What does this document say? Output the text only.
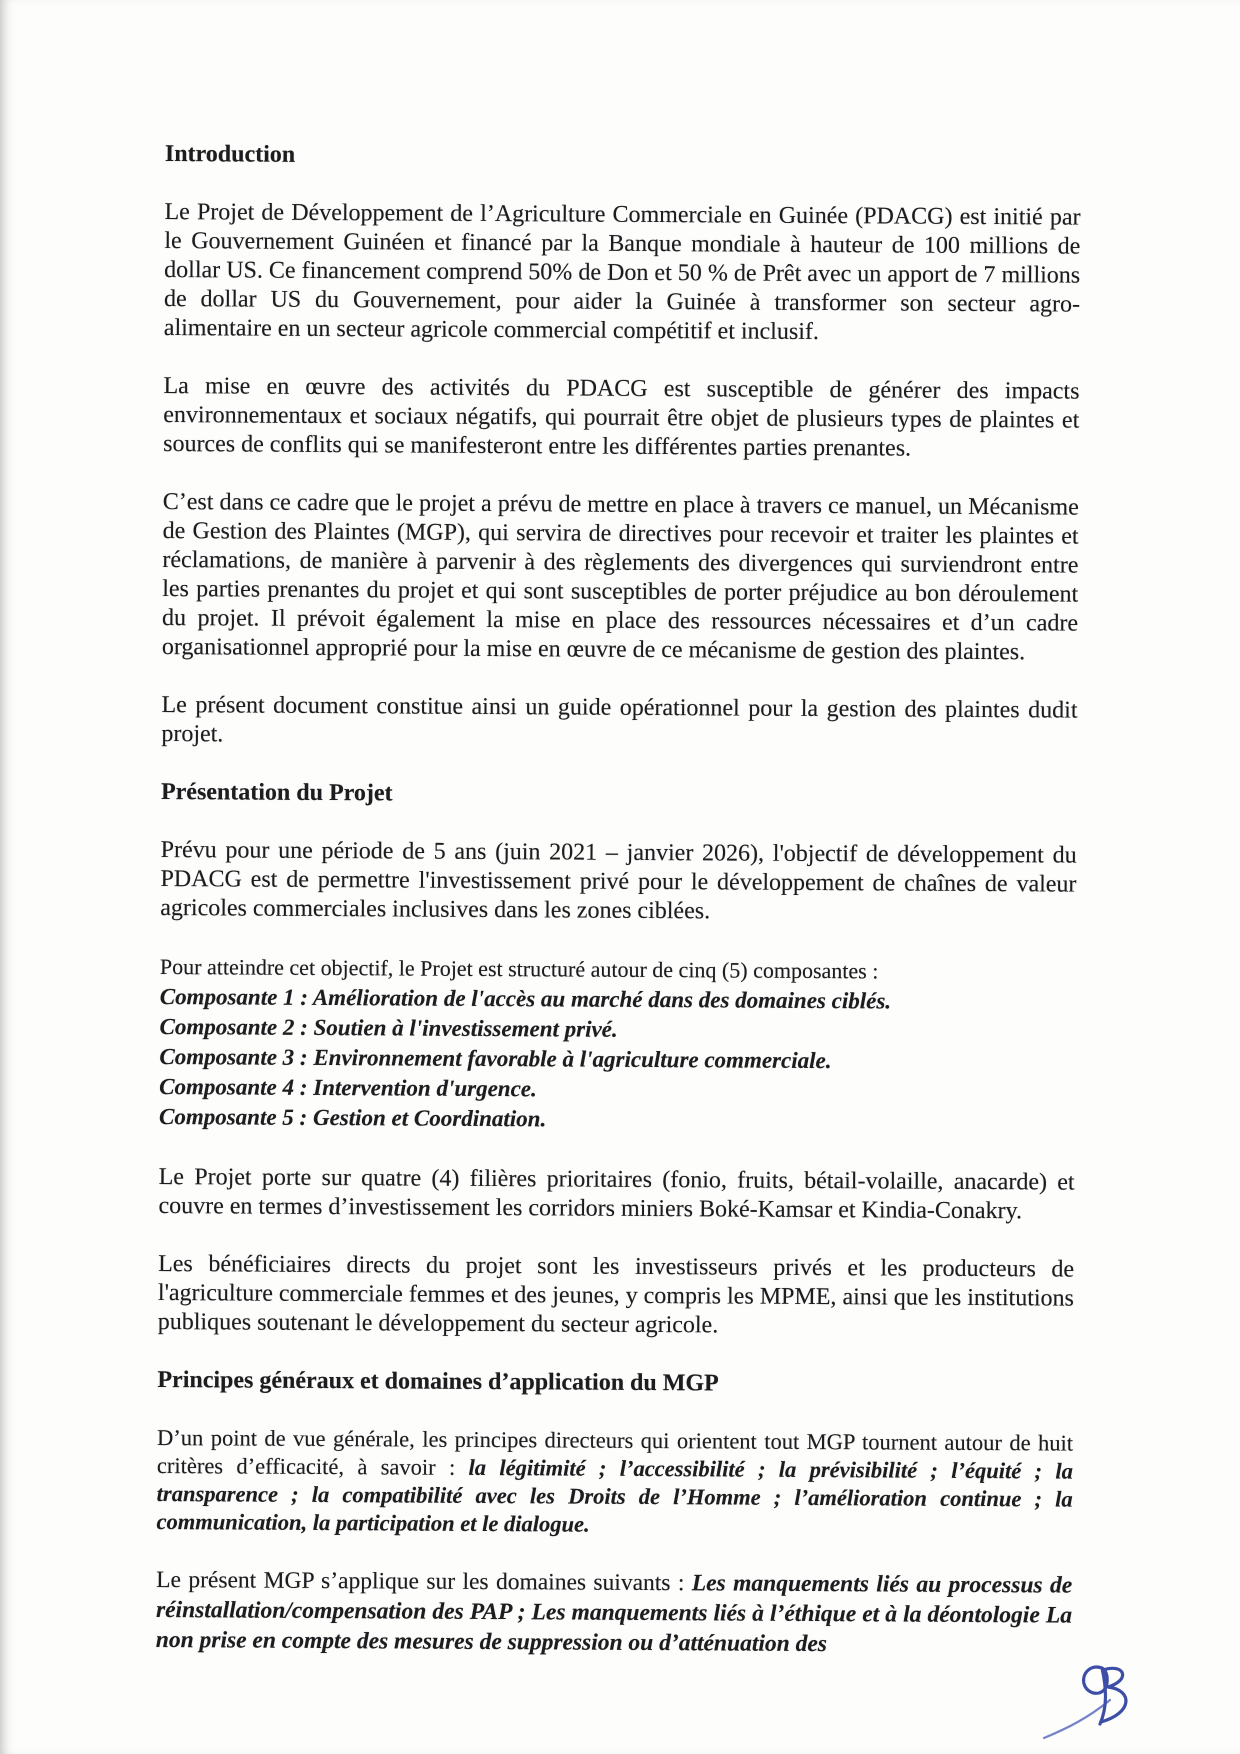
Introduction

Le Projet de Développement de l’Agriculture Commerciale en Guinée (PDACG) est initié par le Gouvernement Guinéen et financé par la Banque mondiale à hauteur de 100 millions de dollar US. Ce financement comprend 50% de Don et 50 % de Prêt avec un apport de 7 millions de dollar US du Gouvernement, pour aider la Guinée à transformer son secteur agro-alimentaire en un secteur agricole commercial compétitif et inclusif.

La mise en œuvre des activités du PDACG est susceptible de générer des impacts environnementaux et sociaux négatifs, qui pourrait être objet de plusieurs types de plaintes et sources de conflits qui se manifesteront entre les différentes parties prenantes.

C’est dans ce cadre que le projet a prévu de mettre en place à travers ce manuel, un Mécanisme de Gestion des Plaintes (MGP), qui servira de directives pour recevoir et traiter les plaintes et réclamations, de manière à parvenir à des règlements des divergences qui surviendront entre les parties prenantes du projet et qui sont susceptibles de porter préjudice au bon déroulement du projet. Il prévoit également la mise en place des ressources nécessaires et d’un cadre organisationnel approprié pour la mise en œuvre de ce mécanisme de gestion des plaintes.

Le présent document constitue ainsi un guide opérationnel pour la gestion des plaintes dudit projet.

Présentation du Projet

Prévu pour une période de 5 ans (juin 2021 – janvier 2026), l'objectif de développement du PDACG est de permettre l'investissement privé pour le développement de chaînes de valeur agricoles commerciales inclusives dans les zones ciblées.

Pour atteindre cet objectif, le Projet est structuré autour de cinq (5) composantes :

Composante 1 : Amélioration de l'accès au marché dans des domaines ciblés.

Composante 2 : Soutien à l'investissement privé.

Composante 3 : Environnement favorable à l'agriculture commerciale.

Composante 4 : Intervention d'urgence.

Composante 5 : Gestion et Coordination.

Le Projet porte sur quatre (4) filières prioritaires (fonio, fruits, bétail-volaille, anacarde) et couvre en termes d’investissement les corridors miniers Boké-Kamsar et Kindia-Conakry.

Les bénéficiaires directs du projet sont les investisseurs privés et les producteurs de l'agriculture commerciale femmes et des jeunes, y compris les MPME, ainsi que les institutions publiques soutenant le développement du secteur agricole.

Principes généraux et domaines d’application du MGP

D’un point de vue générale, les principes directeurs qui orientent tout MGP tournent autour de huit critères d’efficacité, à savoir : la légitimité ; l’accessibilité ; la prévisibilité ; l’équité ; la transparence ; la compatibilité avec les Droits de l’Homme ; l’amélioration continue ; la communication, la participation et le dialogue.

Le présent MGP s’applique sur les domaines suivants : Les manquements liés au processus de réinstallation/compensation des PAP ; Les manquements liés à l’éthique et à la déontologie La non prise en compte des mesures de suppression ou d’atténuation des
